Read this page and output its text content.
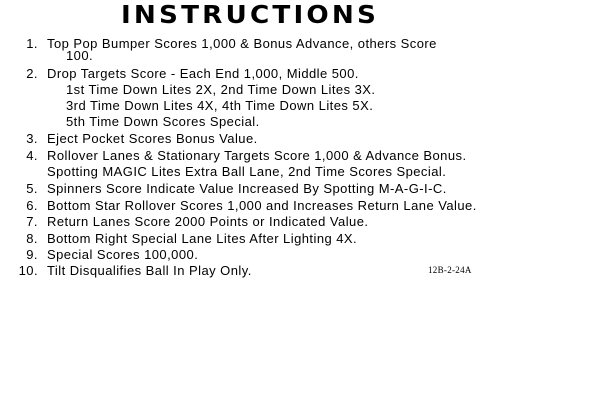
INSTRUCTIONS
1. Top Pop Bumper Scores 1,000 & Bonus Advance, others Score
100.
2. Drop Targets Score - Each End 1,000, Middle 500.
1st Time Down Lites 2X, 2nd Time Down Lites 3X.
3rd Time Down Lites 4X, 4th Time Down Lites 5X.
5th Time Down Scores Special.
3. Eject Pocket Scores Bonus Value.
4. Rollover Lanes & Stationary Targets Score 1,000 & Advance Bonus.
Spotting MAGIC Lites Extra Ball Lane, 2nd Time Scores Special.
5. Spinners Score Indicate Value Increased By Spotting M-A-G-I-C.
6. Bottom Star Rollover Scores 1,000 and Increases Return Lane Value.
7. Return Lanes Score 2000 Points or Indicated Value.
8. Bottom Right Special Lane Lites After Lighting 4X.
9. Special Scores 100,000.
10. Tilt Disqualifies Ball In Play Only.	12B-2-24A
